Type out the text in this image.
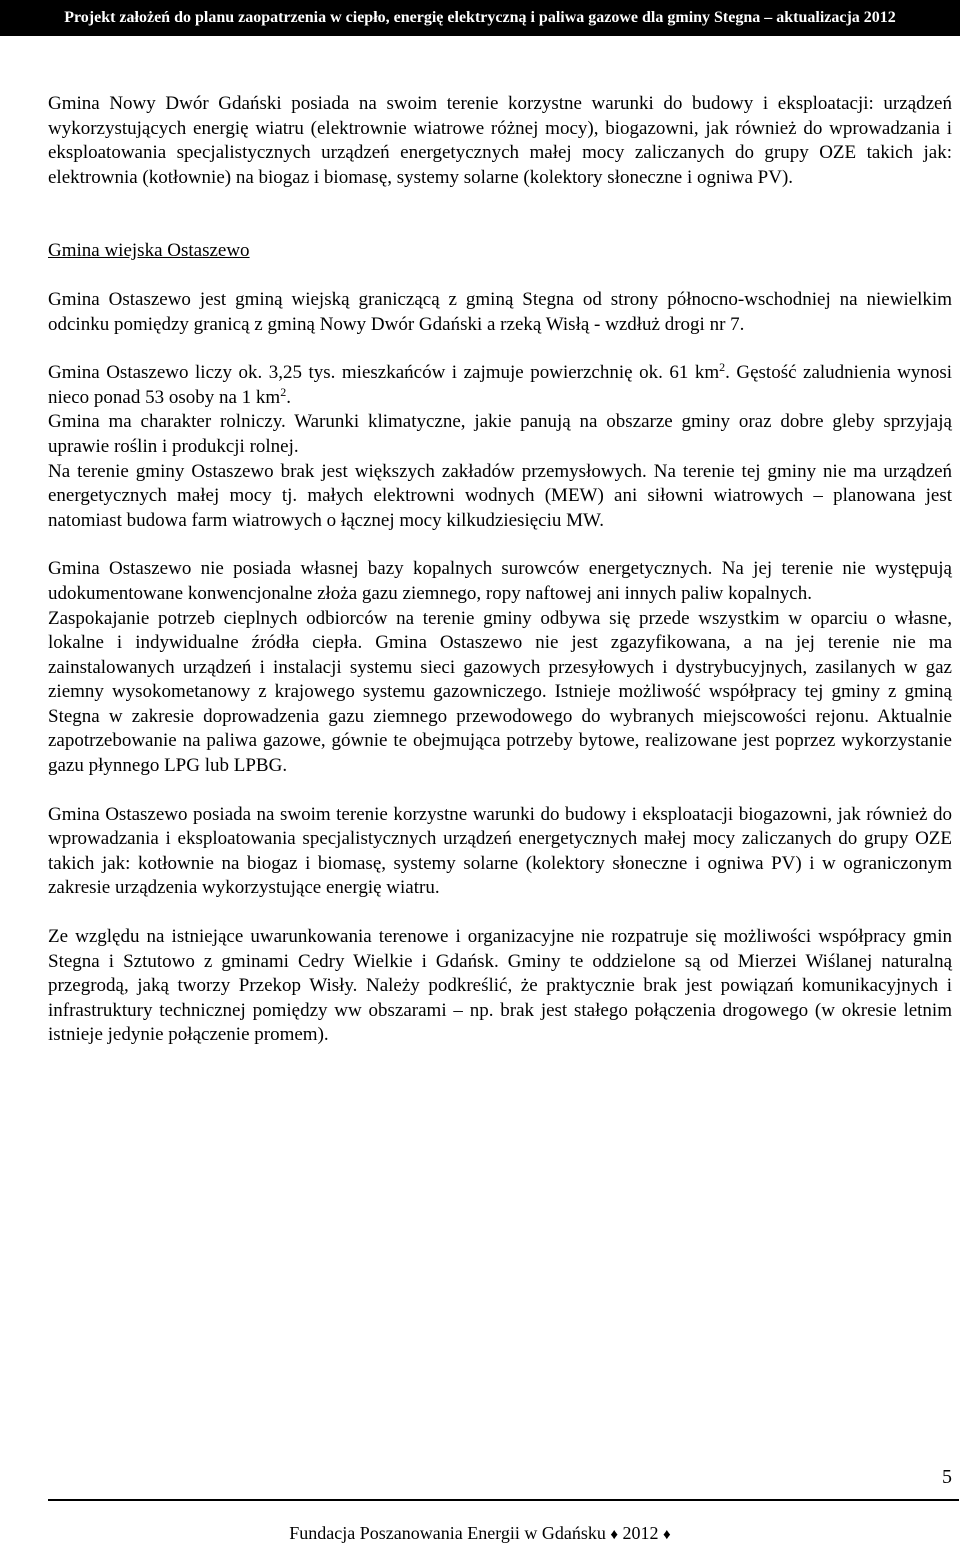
Projekt założeń do planu zaopatrzenia w ciepło, energię elektryczną i paliwa gazowe dla gminy Stegna – aktualizacja 2012

Gmina Nowy Dwór Gdański posiada na swoim terenie korzystne warunki do budowy i eksploatacji: urządzeń wykorzystujących energię wiatru (elektrownie wiatrowe różnej mocy), biogazowni, jak również do wprowadzania i eksploatowania specjalistycznych urządzeń energetycznych małej mocy zaliczanych do grupy OZE takich jak: elektrownia (kotłownie) na biogaz i biomasę, systemy solarne (kolektory słoneczne i ogniwa PV).

Gmina wiejska Ostaszewo

Gmina Ostaszewo jest gminą wiejską graniczącą z gminą Stegna od strony północno-wschodniej na niewielkim odcinku pomiędzy granicą z gminą Nowy Dwór Gdański a rzeką Wisłą - wzdłuż drogi nr 7.

Gmina Ostaszewo liczy ok. 3,25 tys. mieszkańców i zajmuje powierzchnię ok. 61 $km^2$. Gęstość zaludnienia wynosi nieco ponad 53 osoby na 1 $km^2$.

Gmina ma charakter rolniczy. Warunki klimatyczne, jakie panują na obszarze gminy oraz dobre gleby sprzyjają uprawie roślin i produkcji rolnej.

Na terenie gminy Ostaszewo brak jest większych zakładów przemysłowych. Na terenie tej gminy nie ma urządzeń energetycznych małej mocy tj. małych elektrowni wodnych (MEW) ani siłowni wiatrowych – planowana jest natomiast budowa farm wiatrowych o łącznej mocy kilkudziesięciu MW.

Gmina Ostaszewo nie posiada własnej bazy kopalnych surowców energetycznych. Na jej terenie nie występują udokumentowane konwencjonalne złoża gazu ziemnego, ropy naftowej ani innych paliw kopalnych.

Zaspokajanie potrzeb cieplnych odbiorców na terenie gminy odbywa się przede wszystkim w oparciu o własne, lokalne i indywidualne źródła ciepła. Gmina Ostaszewo nie jest zgazyfikowana, a na jej terenie nie ma zainstalowanych urządzeń i instalacji systemu sieci gazowych przesyłowych i dystrybucyjnych, zasilanych w gaz ziemny wysokometanowy z krajowego systemu gazowniczego. Istnieje możliwość współpracy tej gminy z gminą Stegna w zakresie doprowadzenia gazu ziemnego przewodowego do wybranych miejscowości rejonu. Aktualnie zapotrzebowanie na paliwa gazowe, gównie te obejmująca potrzeby bytowe, realizowane jest poprzez wykorzystanie gazu płynnego LPG lub LPBG.

Gmina Ostaszewo posiada na swoim terenie korzystne warunki do budowy i eksploatacji biogazowni, jak również do wprowadzania i eksploatowania specjalistycznych urządzeń energetycznych małej mocy zaliczanych do grupy OZE takich jak: kotłownie na biogaz i biomasę, systemy solarne (kolektory słoneczne i ogniwa PV) i w ograniczonym zakresie urządzenia wykorzystujące energię wiatru.

Ze względu na istniejące uwarunkowania terenowe i organizacyjne nie rozpatruje się możliwości współpracy gmin Stegna i Sztutowo z gminami Cedry Wielkie i Gdańsk. Gminy te oddzielone są od Mierzei Wiślanej naturalną przegrodą, jaką tworzy Przekop Wisły. Należy podkreślić, że praktycznie brak jest powiązań komunikacyjnych i infrastruktury technicznej pomiędzy ww obszarami – np. brak jest stałego połączenia drogowego (w okresie letnim istnieje jedynie połączenie promem).

5
Fundacja Poszanowania Energii w Gdańsku ♦ 2012 ♦
